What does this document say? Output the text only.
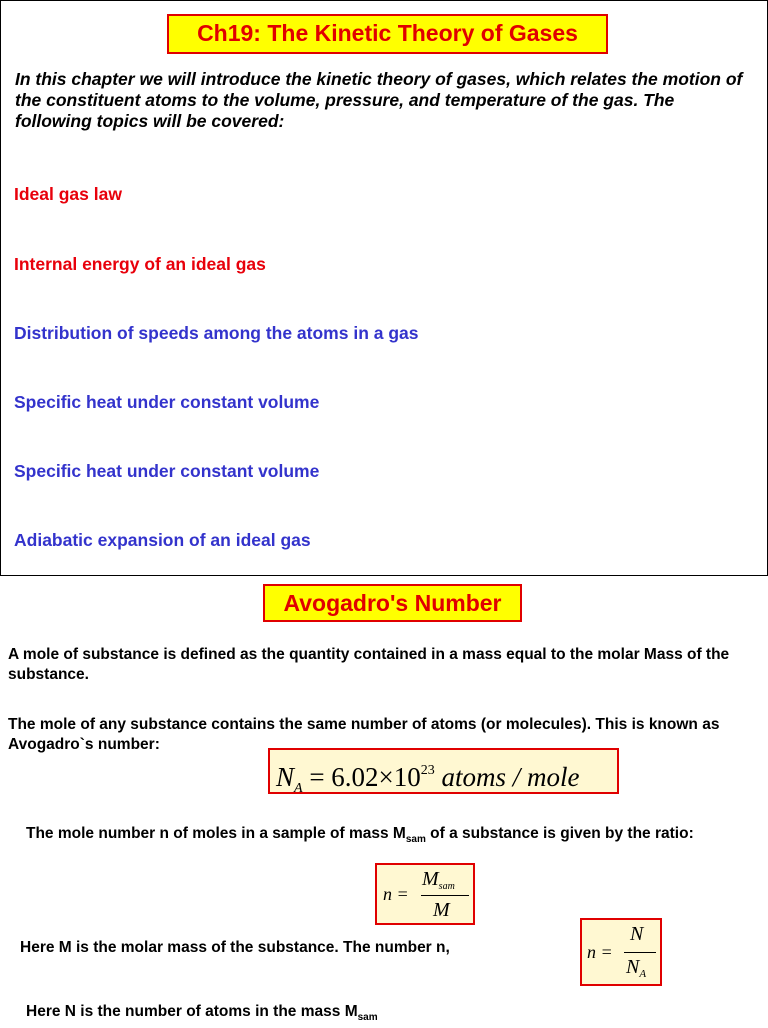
Ch19: The Kinetic Theory of Gases
In this chapter we will introduce the kinetic theory of gases, which relates the motion of the constituent atoms to the volume, pressure, and temperature of the gas. The following topics will be covered:
Ideal gas law
Internal energy of an ideal gas
Distribution of speeds among the atoms in a gas
Specific heat under constant volume
Specific heat under constant volume
Adiabatic expansion of an ideal gas
Avogadro's Number
A mole of substance is defined as the quantity contained in a mass equal to the molar Mass of the substance.
The mole of any substance contains the same number of atoms (or molecules). This is known as Avogadro`s number:
$N_A = 6.02\times 10^{23}$ atoms / mole
The mole number n of moles in a sample of mass $M_{sam}$ of a substance is given by the ratio:
n =
$M_{sam}$
M
Here M is the molar mass of the substance. The number n,	n =
N
$N_A$
Here N is the number of atoms in the mass $M_{sam}$
